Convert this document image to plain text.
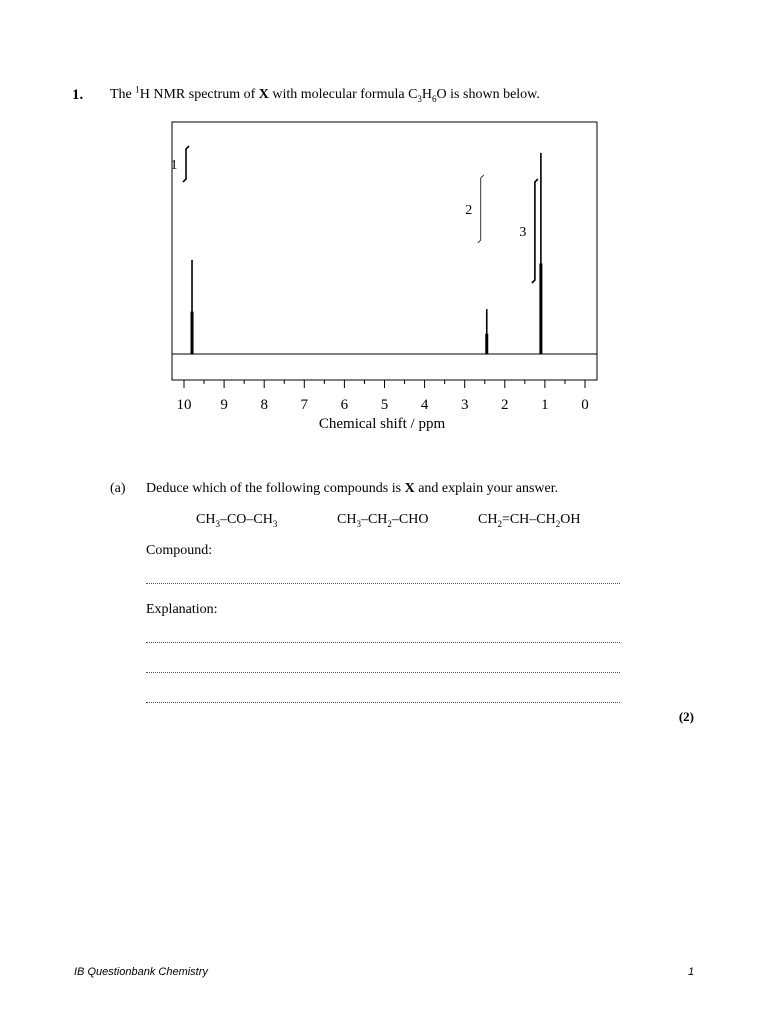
1. The $^1$H NMR spectrum of X with molecular formula $C_3H_6O$ is shown below.
10 9 8 7 6 5 4 3 2 1 0
1
2
3
Chemical shift / ppm
(a) Deduce which of the following compounds is X and explain your answer.
$CH_3-CO-CH_3$	$CH_3-CH_2$–CHO	$CH_2=CH-CH_2OH$
Compound:
Explanation:
(2)
IB Questionbank Chemistry	1
